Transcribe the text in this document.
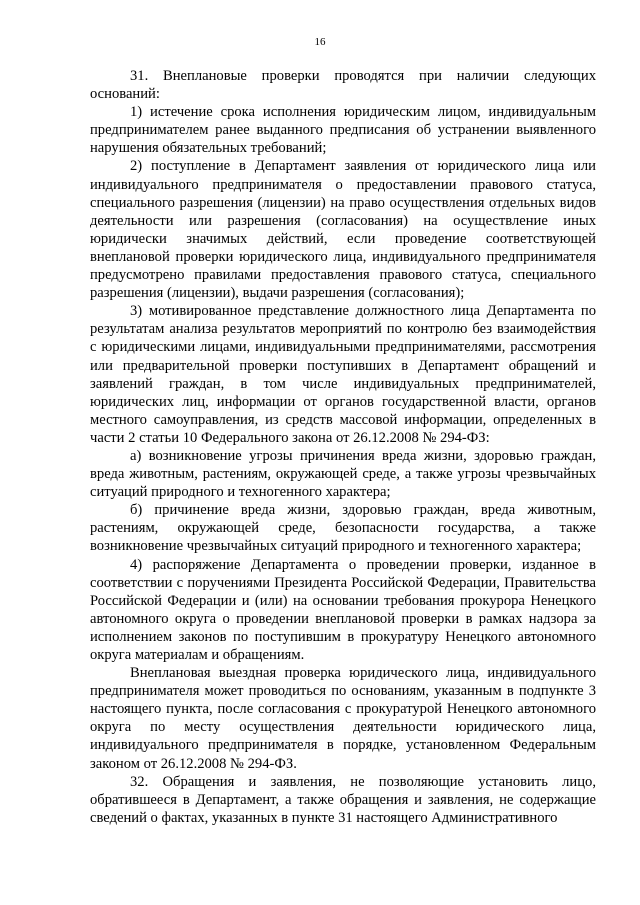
16

31. Внеплановые проверки проводятся при наличии следующих оснований:

1) истечение срока исполнения юридическим лицом, индивидуальным предпринимателем ранее выданного предписания об устранении выявленного нарушения обязательных требований;

2) поступление в Департамент заявления от юридического лица или индивидуального предпринимателя о предоставлении правового статуса, специального разрешения (лицензии) на право осуществления отдельных видов деятельности или разрешения (согласования) на осуществление иных юридически значимых действий, если проведение соответствующей внеплановой проверки юридического лица, индивидуального предпринимателя предусмотрено правилами предоставления правового статуса, специального разрешения (лицензии), выдачи разрешения (согласования);

3) мотивированное представление должностного лица Департамента по результатам анализа результатов мероприятий по контролю без взаимодействия с юридическими лицами, индивидуальными предпринимателями, рассмотрения или предварительной проверки поступивших в Департамент обращений и заявлений граждан, в том числе индивидуальных предпринимателей, юридических лиц, информации от органов государственной власти, органов местного самоуправления, из средств массовой информации, определенных в части 2 статьи 10 Федерального закона от 26.12.2008 № 294-ФЗ:

а) возникновение угрозы причинения вреда жизни, здоровью граждан, вреда животным, растениям, окружающей среде, а также угрозы чрезвычайных ситуаций природного и техногенного характера;

б) причинение вреда жизни, здоровью граждан, вреда животным, растениям, окружающей среде, безопасности государства, а также возникновение чрезвычайных ситуаций природного и техногенного характера;

4) распоряжение Департамента о проведении проверки, изданное в соответствии с поручениями Президента Российской Федерации, Правительства Российской Федерации и (или) на основании требования прокурора Ненецкого автономного округа о проведении внеплановой проверки в рамках надзора за исполнением законов по поступившим в прокуратуру Ненецкого автономного округа материалам и обращениям.

Внеплановая выездная проверка юридического лица, индивидуального предпринимателя может проводиться по основаниям, указанным в подпункте 3 настоящего пункта, после согласования с прокуратурой Ненецкого автономного округа по месту осуществления деятельности юридического лица, индивидуального предпринимателя в порядке, установленном Федеральным законом от 26.12.2008 № 294-ФЗ.

32. Обращения и заявления, не позволяющие установить лицо, обратившееся в Департамент, а также обращения и заявления, не содержащие сведений о фактах, указанных в пункте 31 настоящего Административного
